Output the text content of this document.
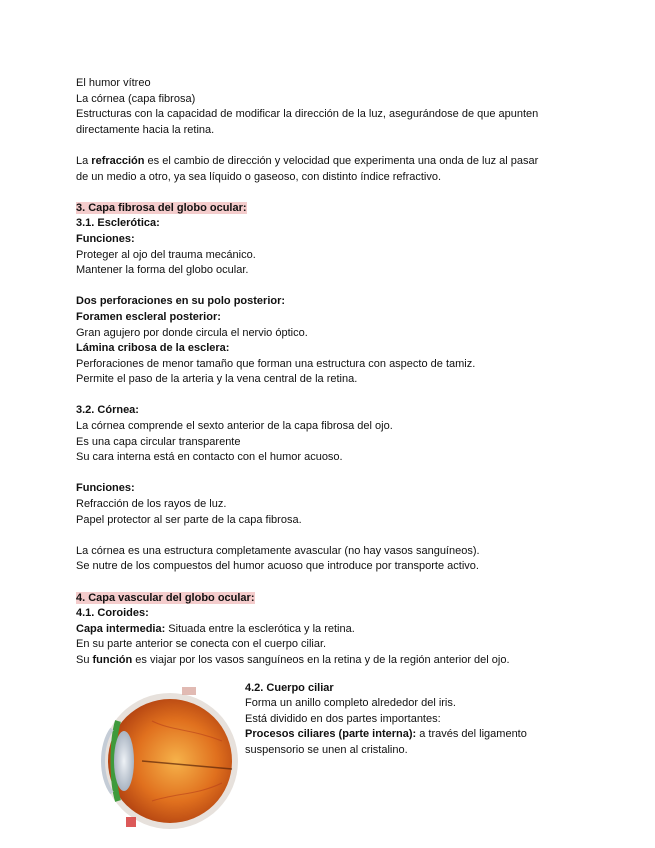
El humor vítreo
La córnea (capa fibrosa)
Estructuras con la capacidad de modificar la dirección de la luz, asegurándose de que apunten
directamente hacia la retina.
La refracción es el cambio de dirección y velocidad que experimenta una onda de luz al pasar
de un medio a otro, ya sea líquido o gaseoso, con distinto índice refractivo.
3. Capa fibrosa del globo ocular:
3.1. Esclerótica:
Funciones:
Proteger al ojo del trauma mecánico.
Mantener la forma del globo ocular.
Dos perforaciones en su polo posterior:
Foramen escleral posterior:
Gran agujero por donde circula el nervio óptico.
Lámina cribosa de la esclera:
Perforaciones de menor tamaño que forman una estructura con aspecto de tamiz.
Permite el paso de la arteria y la vena central de la retina.
3.2. Córnea:
La córnea comprende el sexto anterior de la capa fibrosa del ojo.
Es una capa circular transparente
Su cara interna está en contacto con el humor acuoso.
Funciones:
Refracción de los rayos de luz.
Papel protector al ser parte de la capa fibrosa.
La córnea es una estructura completamente avascular (no hay vasos sanguíneos).
Se nutre de los compuestos del humor acuoso que introduce por transporte activo.
4. Capa vascular del globo ocular:
4.1. Coroides:
Capa intermedia: Situada entre la esclerótica y la retina.
En su parte anterior se conecta con el cuerpo ciliar.
Su función es viajar por los vasos sanguíneos en la retina y de la región anterior del ojo.
4.2. Cuerpo ciliar
Forma un anillo completo alrededor del iris.
Está dividido en dos partes importantes:
Procesos ciliares (parte interna): a través del ligamento
suspensorio se unen al cristalino.
